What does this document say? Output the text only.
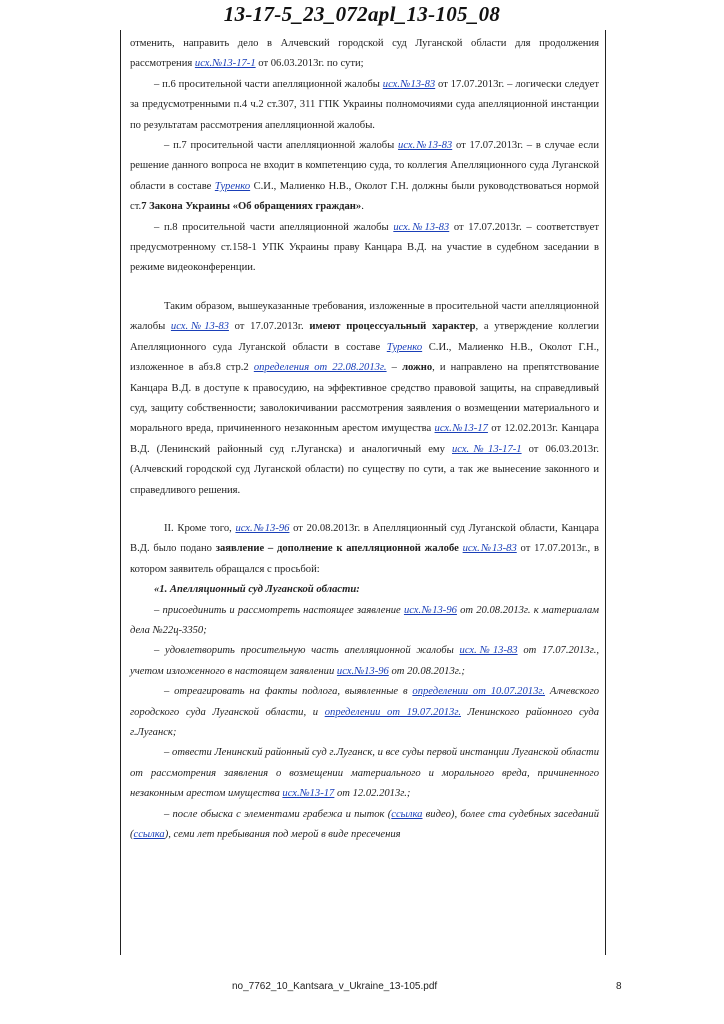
13-17-5_23_072apl_13-105_08

отменить, направить дело в Алчевский городской суд Луганской области для продолжения рассмотрения исх.№13-17-1 от 06.03.2013г. по сути;

– п.6 просительной части апелляционной жалобы исх.№13-83 от 17.07.2013г. – логически следует за предусмотренными п.4 ч.2 ст.307, 311 ГПК Украины полномочиями суда апелляционной инстанции по результатам рассмотрения апелляционной жалобы.

– п.7 просительной части апелляционной жалобы исх.№13-83 от 17.07.2013г. – в случае если решение данного вопроса не входит в компетенцию суда, то коллегия Апелляционного суда Луганской области в составе Туренко С.И., Малиенко Н.В., Околот Г.Н. должны были руководствоваться нормой ст.7 Закона Украины «Об обращениях граждан».

– п.8 просительной части апелляционной жалобы исх.№13-83 от 17.07.2013г. – соответствует предусмотренному ст.158-1 УПК Украины праву Канцара В.Д. на участие в судебном заседании в режиме видеоконференции.

Таким образом, вышеуказанные требования, изложенные в просительной части апелляционной жалобы исх.№13-83 от 17.07.2013г. имеют процессуальный характер, а утверждение коллегии Апелляционного суда Луганской области в составе Туренко С.И., Малиенко Н.В., Околот Г.Н., изложенное в абз.8 стр.2 определения от 22.08.2013г. – ложно, и направлено на препятствование Канцара В.Д. в доступе к правосудию, на эффективное средство правовой защиты, на справедливый суд, защиту собственности; заволокичивании рассмотрения заявления о возмещении материального и морального вреда, причиненного незаконным арестом имущества исх.№13-17 от 12.02.2013г. Канцара В.Д. (Ленинский районный суд г.Луганска) и аналогичный ему исх.№13-17-1 от 06.03.2013г. (Алчевский городской суд Луганской области) по существу по сути, а так же вынесение законного и справедливого решения.

II. Кроме того, исх.№13-96 от 20.08.2013г. в Апелляционный суд Луганской области, Канцара В.Д. было подано заявление – дополнение к апелляционной жалобе исх.№13-83 от 17.07.2013г., в котором заявитель обращался с просьбой:

«1. Апелляционный суд Луганской области:

– присоединить и рассмотреть настоящее заявление исх.№13-96 от 20.08.2013г. к материалам дела №22ц-3350;

– удовлетворить просительную часть апелляционной жалобы исх.№13-83 от 17.07.2013г., учетом изложенного в настоящем заявлении исх.№13-96 от 20.08.2013г.;

– отреагировать на факты подлога, выявленные в определении от 10.07.2013г. Алчевского городского суда Луганской области, и определении от 19.07.2013г. Ленинского районного суда г.Луганск;

– отвести Ленинский районный суд г.Луганск, и все суды первой инстанции Луганской области от рассмотрения заявления о возмещении материального и морального вреда, причиненного незаконным арестом имущества исх.№13-17 от 12.02.2013г.;

– после обыска с элементами грабежа и пыток (ссылка видео), более ста судебных заседаний (ссылка), семи лет пребывания под мерой в виде пресечения

no_7762_10_Kantsara_v_Ukraine_13-105.pdf	8
